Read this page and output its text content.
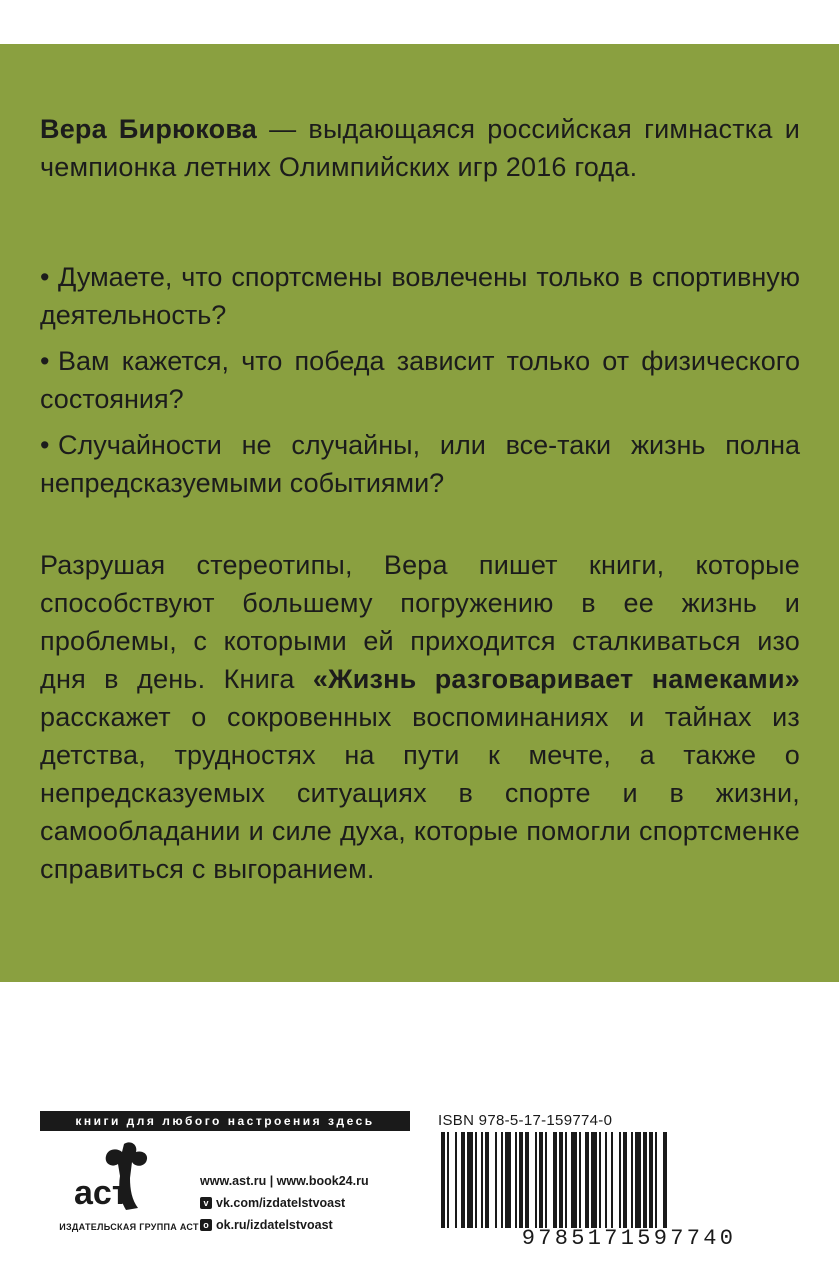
Вера Бирюкова — выдающаяся российская гимнастка и чемпионка летних Олимпийских игр 2016 года.
• Думаете, что спортсмены вовлечены только в спортивную деятельность?
• Вам кажется, что победа зависит только от физического состояния?
• Случайности не случайны, или все-таки жизнь полна непредсказуемыми событиями?
Разрушая стереотипы, Вера пишет книги, которые способствуют большему погружению в ее жизнь и проблемы, с которыми ей приходится сталкиваться изо дня в день. Книга «Жизнь разговаривает намеками» расскажет о сокровенных воспоминаниях и тайнах из детства, трудностях на пути к мечте, а также о непредсказуемых ситуациях в спорте и в жизни, самообладании и силе духа, которые помогли спортсменке справиться с выгоранием.
книги для любого настроения здесь
аст
ИЗДАТЕЛЬСКАЯ ГРУППА АСТ
www.ast.ru | www.book24.ru
v vk.com/izdatelstvoast
o ok.ru/izdatelstvoast
ISBN 978-5-17-159774-0
9785171597740
